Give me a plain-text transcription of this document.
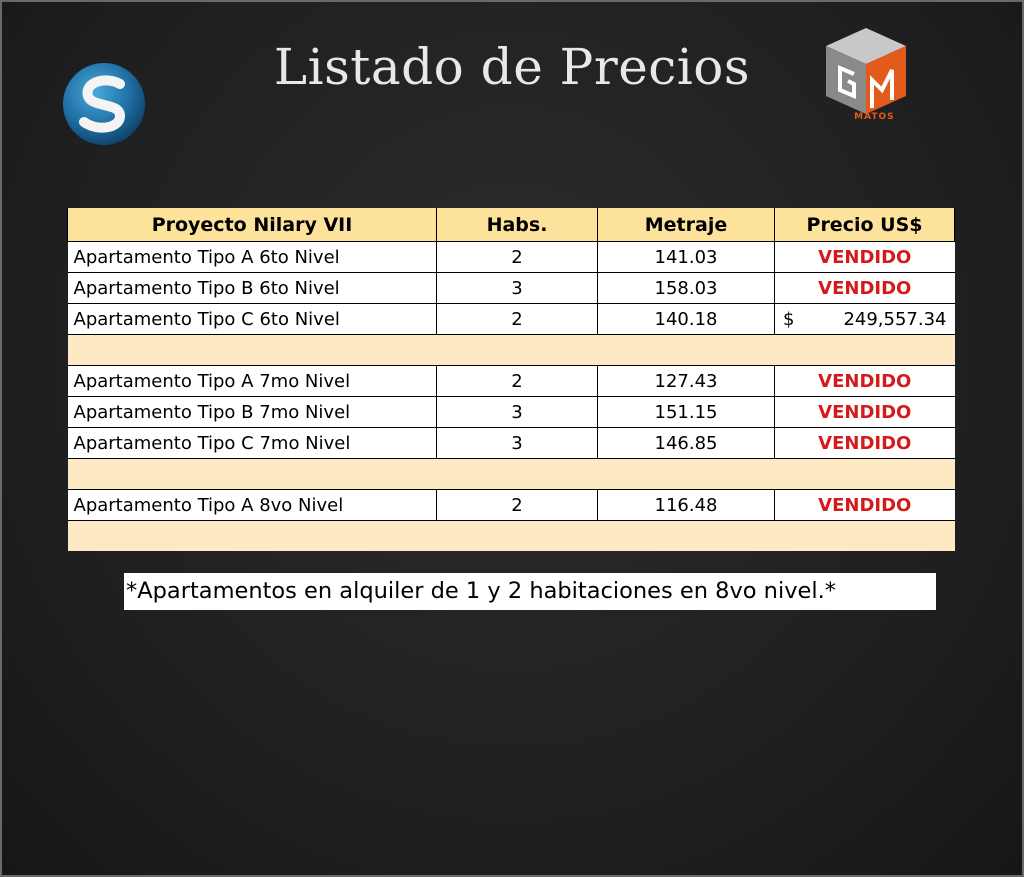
Listado de Precios
GRUPO MATOS SRL
Proyecto Nilary VII	Habs.	Metraje	Precio US$
Apartamento Tipo A 6to Nivel	2	141.03	VENDIDO
Apartamento Tipo B 6to Nivel	3	158.03	VENDIDO
Apartamento Tipo C 6to Nivel	2	140.18	$ 249,557.34

Apartamento Tipo A 7mo Nivel	2	127.43	VENDIDO
Apartamento Tipo B 7mo Nivel	3	151.15	VENDIDO
Apartamento Tipo C 7mo Nivel	3	146.85	VENDIDO

Apartamento Tipo A 8vo Nivel	2	116.48	VENDIDO

*Apartamentos en alquiler de 1 y 2 habitaciones en 8vo nivel.*
